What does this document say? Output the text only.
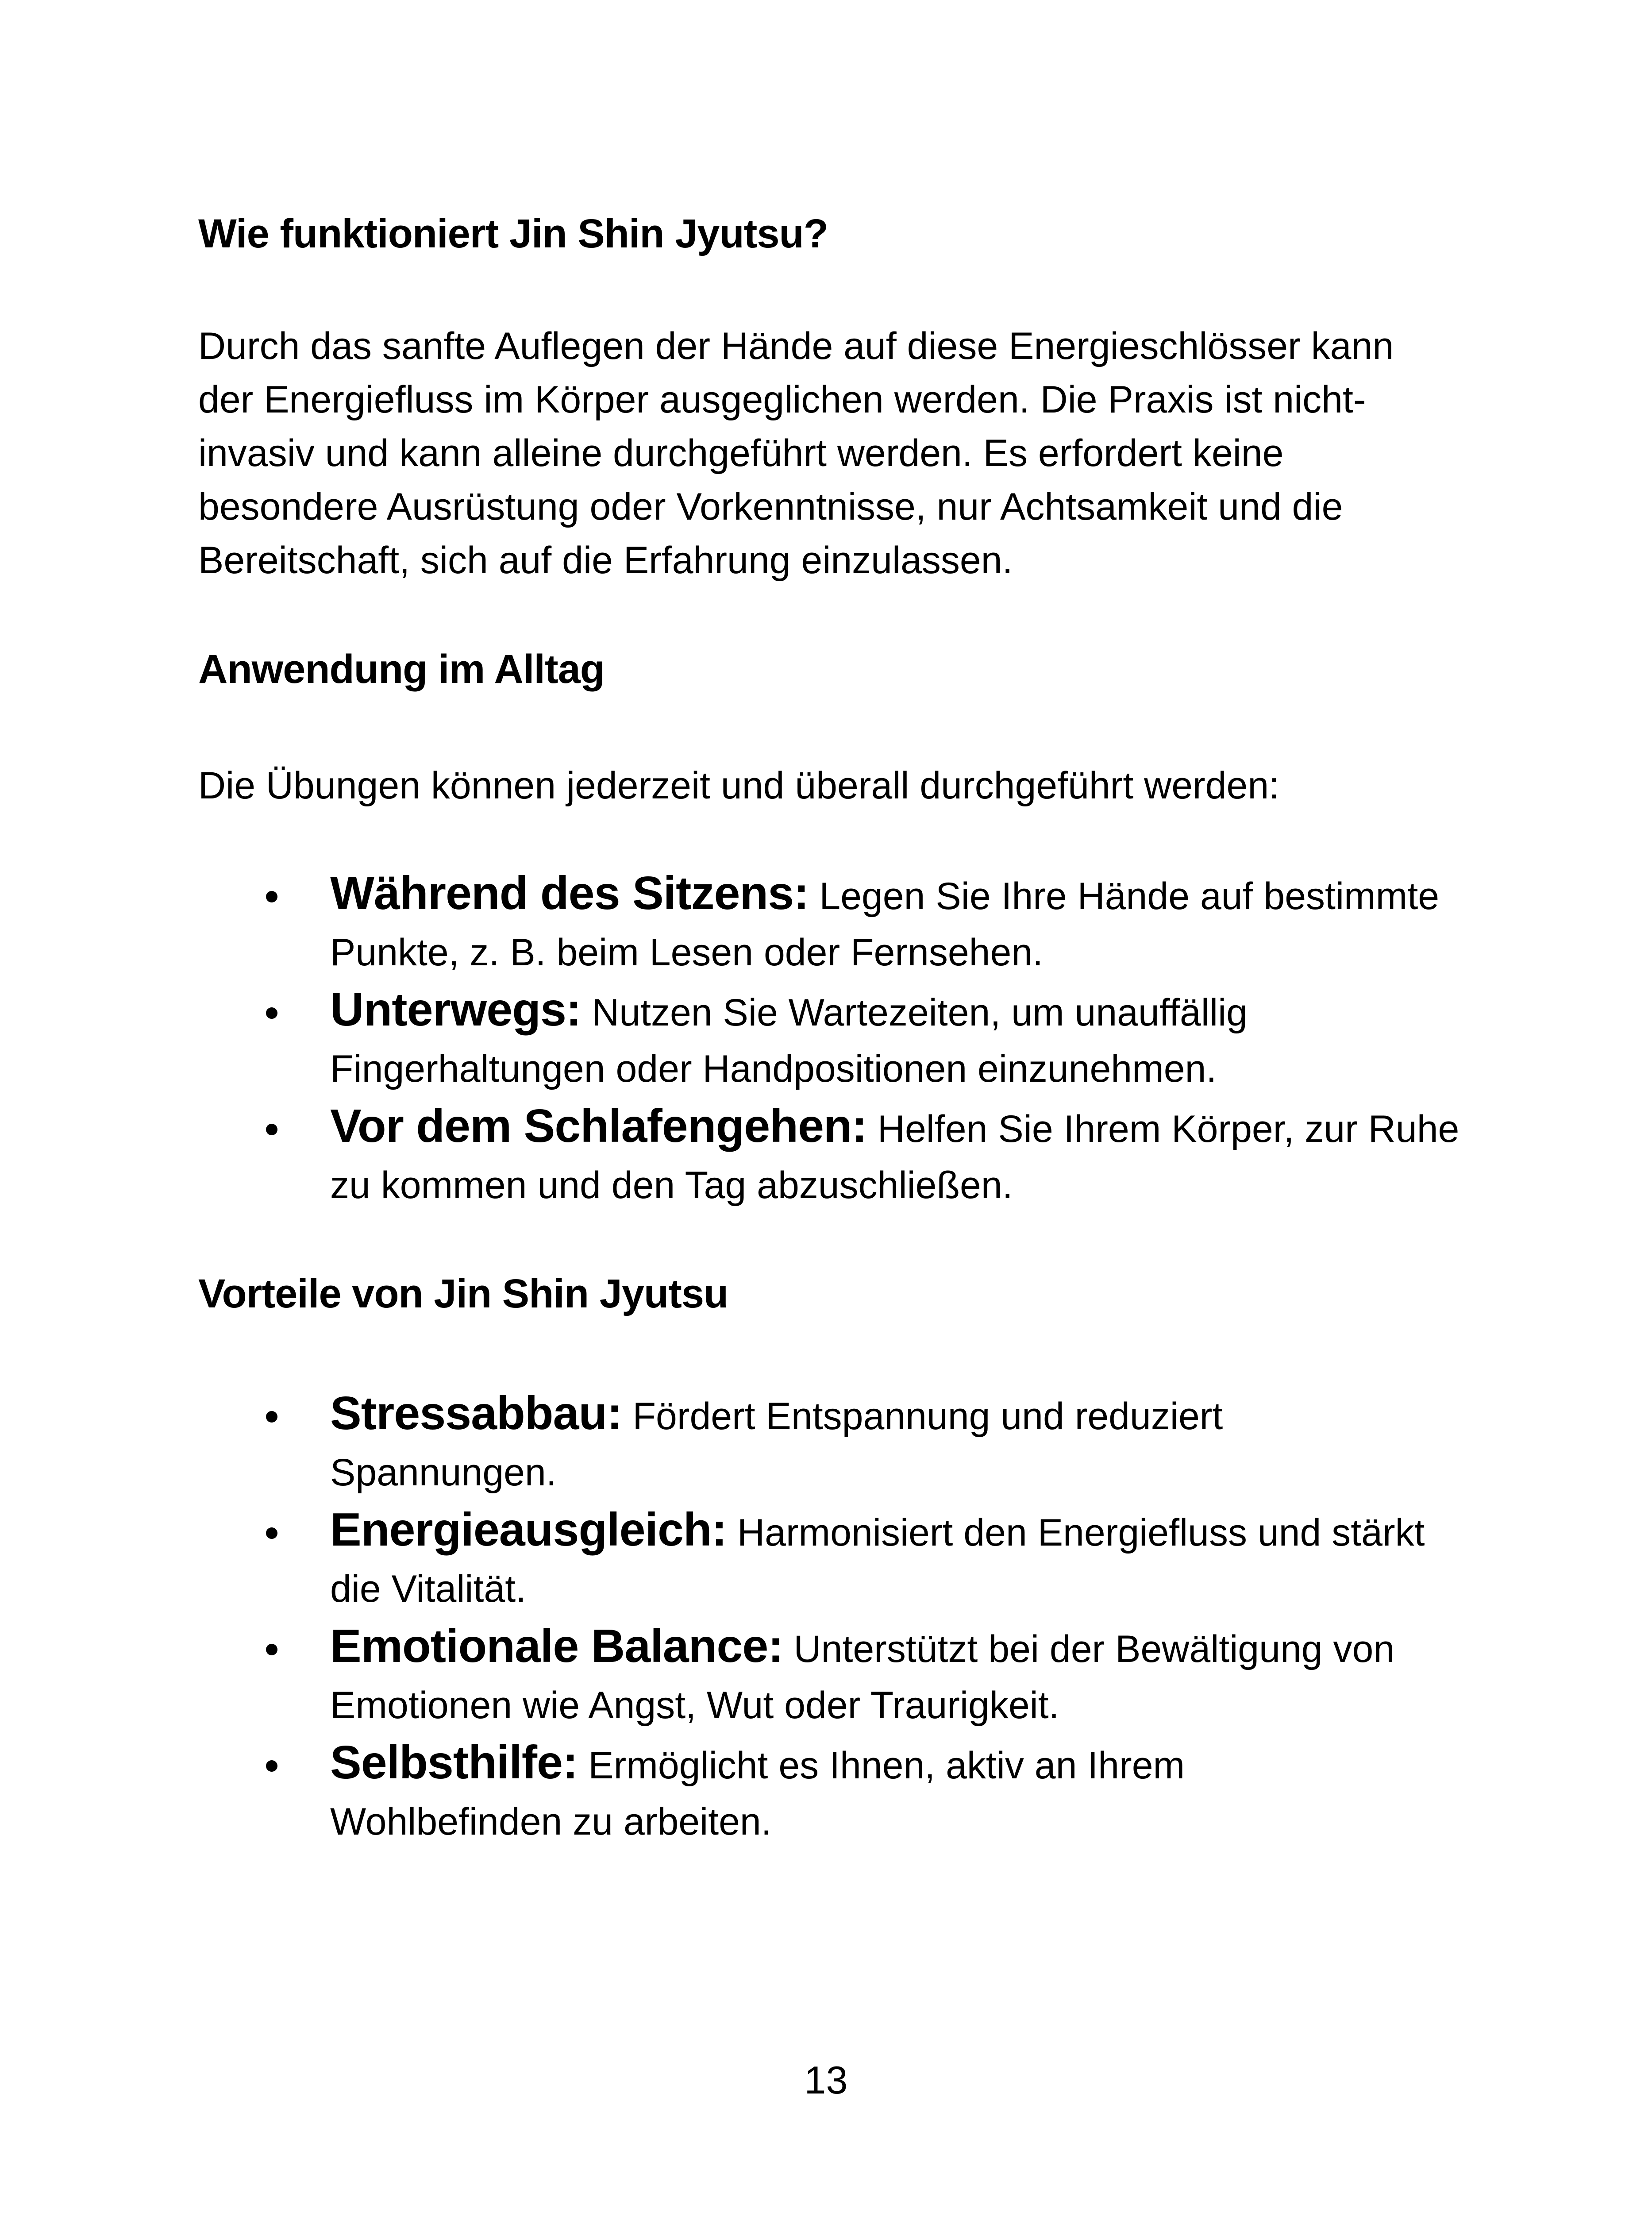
Wie funktioniert Jin Shin Jyutsu?
Durch das sanfte Auflegen der Hände auf diese Energieschlösser kann
der Energiefluss im Körper ausgeglichen werden. Die Praxis ist nicht-
invasiv und kann alleine durchgeführt werden. Es erfordert keine
besondere Ausrüstung oder Vorkenntnisse, nur Achtsamkeit und die
Bereitschaft, sich auf die Erfahrung einzulassen.
Anwendung im Alltag
Die Übungen können jederzeit und überall durchgeführt werden:
Während des Sitzens: Legen Sie Ihre Hände auf bestimmte
Punkte, z. B. beim Lesen oder Fernsehen.
Unterwegs: Nutzen Sie Wartezeiten, um unauffällig
Fingerhaltungen oder Handpositionen einzunehmen.
Vor dem Schlafengehen: Helfen Sie Ihrem Körper, zur Ruhe
zu kommen und den Tag abzuschließen.
Vorteile von Jin Shin Jyutsu
Stressabbau: Fördert Entspannung und reduziert
Spannungen.
Energieausgleich: Harmonisiert den Energiefluss und stärkt
die Vitalität.
Emotionale Balance: Unterstützt bei der Bewältigung von
Emotionen wie Angst, Wut oder Traurigkeit.
Selbsthilfe: Ermöglicht es Ihnen, aktiv an Ihrem
Wohlbefinden zu arbeiten.
13
